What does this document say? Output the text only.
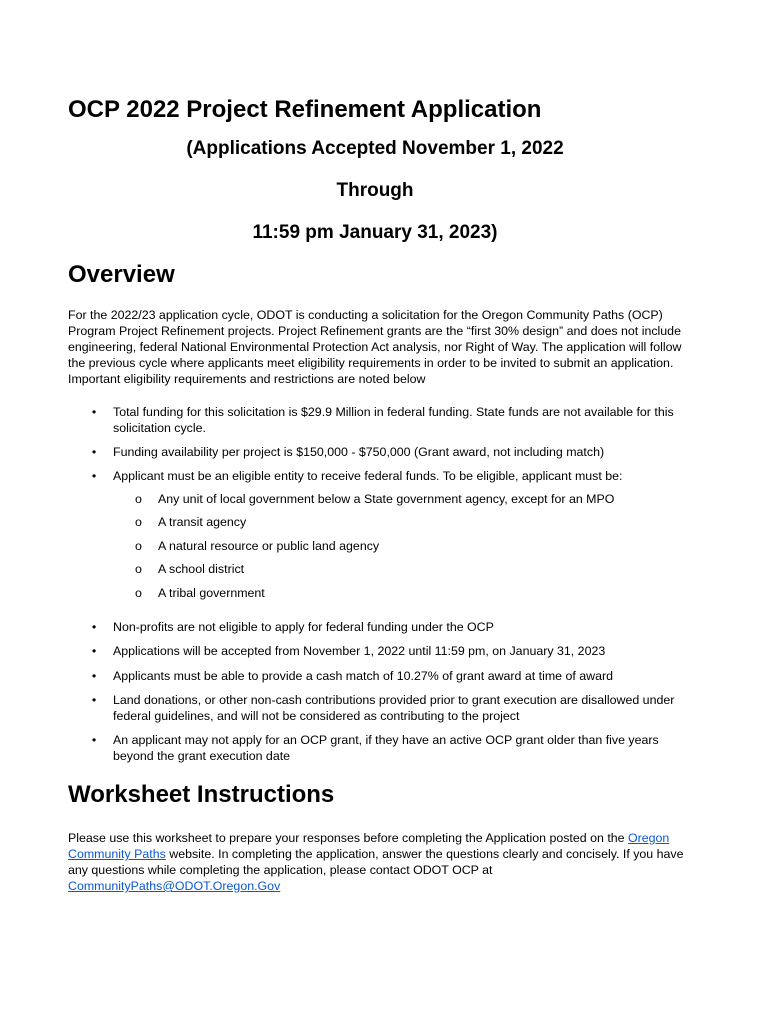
OCP 2022 Project Refinement Application
(Applications Accepted November 1, 2022
Through
11:59 pm January 31, 2023)
Overview

For the 2022/23 application cycle, ODOT is conducting a solicitation for the Oregon Community Paths (OCP) Program Project Refinement projects. Project Refinement grants are the “first 30% design” and does not include engineering, federal National Environmental Protection Act analysis, nor Right of Way. The application will follow the previous cycle where applicants meet eligibility requirements in order to be invited to submit an application. Important eligibility requirements and restrictions are noted below

•	Total funding for this solicitation is $29.9 Million in federal funding. State funds are not available for this solicitation cycle.
•	Funding availability per project is $150,000 - $750,000 (Grant award, not including match)
•	Applicant must be an eligible entity to receive federal funds. To be eligible, applicant must be:
o Any unit of local government below a State government agency, except for an MPO
o A transit agency
o A natural resource or public land agency
o A school district
o A tribal government
•	Non-profits are not eligible to apply for federal funding under the OCP
•	Applications will be accepted from November 1, 2022 until 11:59 pm, on January 31, 2023
•	Applicants must be able to provide a cash match of 10.27% of grant award at time of award
•	Land donations, or other non-cash contributions provided prior to grant execution are disallowed under federal guidelines, and will not be considered as contributing to the project
•	An applicant may not apply for an OCP grant, if they have an active OCP grant older than five years beyond the grant execution date
Worksheet Instructions

Please use this worksheet to prepare your responses before completing the Application posted on the Oregon Community Paths website. In completing the application, answer the questions clearly and concisely. If you have any questions while completing the application, please contact ODOT OCP at CommunityPaths@ODOT.Oregon.Gov
